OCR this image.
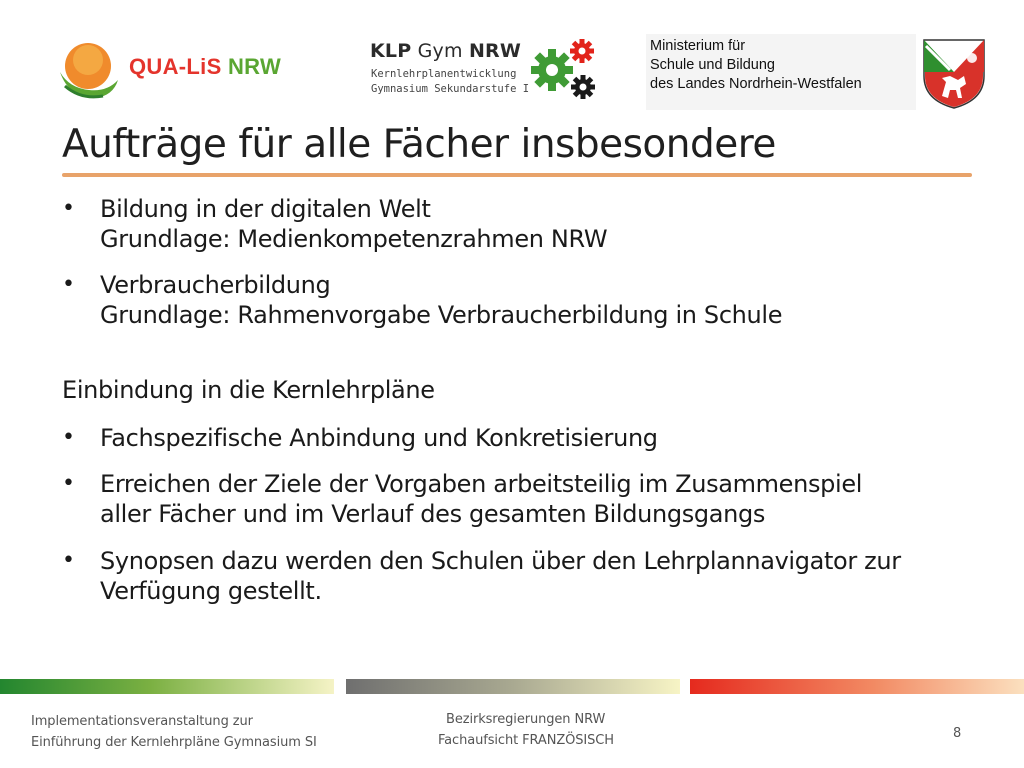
QUA-LiS NRW
KLP Gym NRW
Kernlehrplanentwicklung
Gymnasium Sekundarstufe I
Ministerium für
Schule und Bildung
des Landes Nordrhein-Westfalen
Aufträge für alle Fächer insbesondere
• Bildung in der digitalen Welt
Grundlage: Medienkompetenzrahmen NRW
• Verbraucherbildung
Grundlage: Rahmenvorgabe Verbraucherbildung in Schule
Einbindung in die Kernlehrpläne
• Fachspezifische Anbindung und Konkretisierung
• Erreichen der Ziele der Vorgaben arbeitsteilig im Zusammenspiel
aller Fächer und im Verlauf des gesamten Bildungsgangs
• Synopsen dazu werden den Schulen über den Lehrplannavigator zur
Verfügung gestellt.
Implementationsveranstaltung zur
Einführung der Kernlehrpläne Gymnasium SI
Bezirksregierungen NRW
Fachaufsicht FRANZÖSISCH	8
